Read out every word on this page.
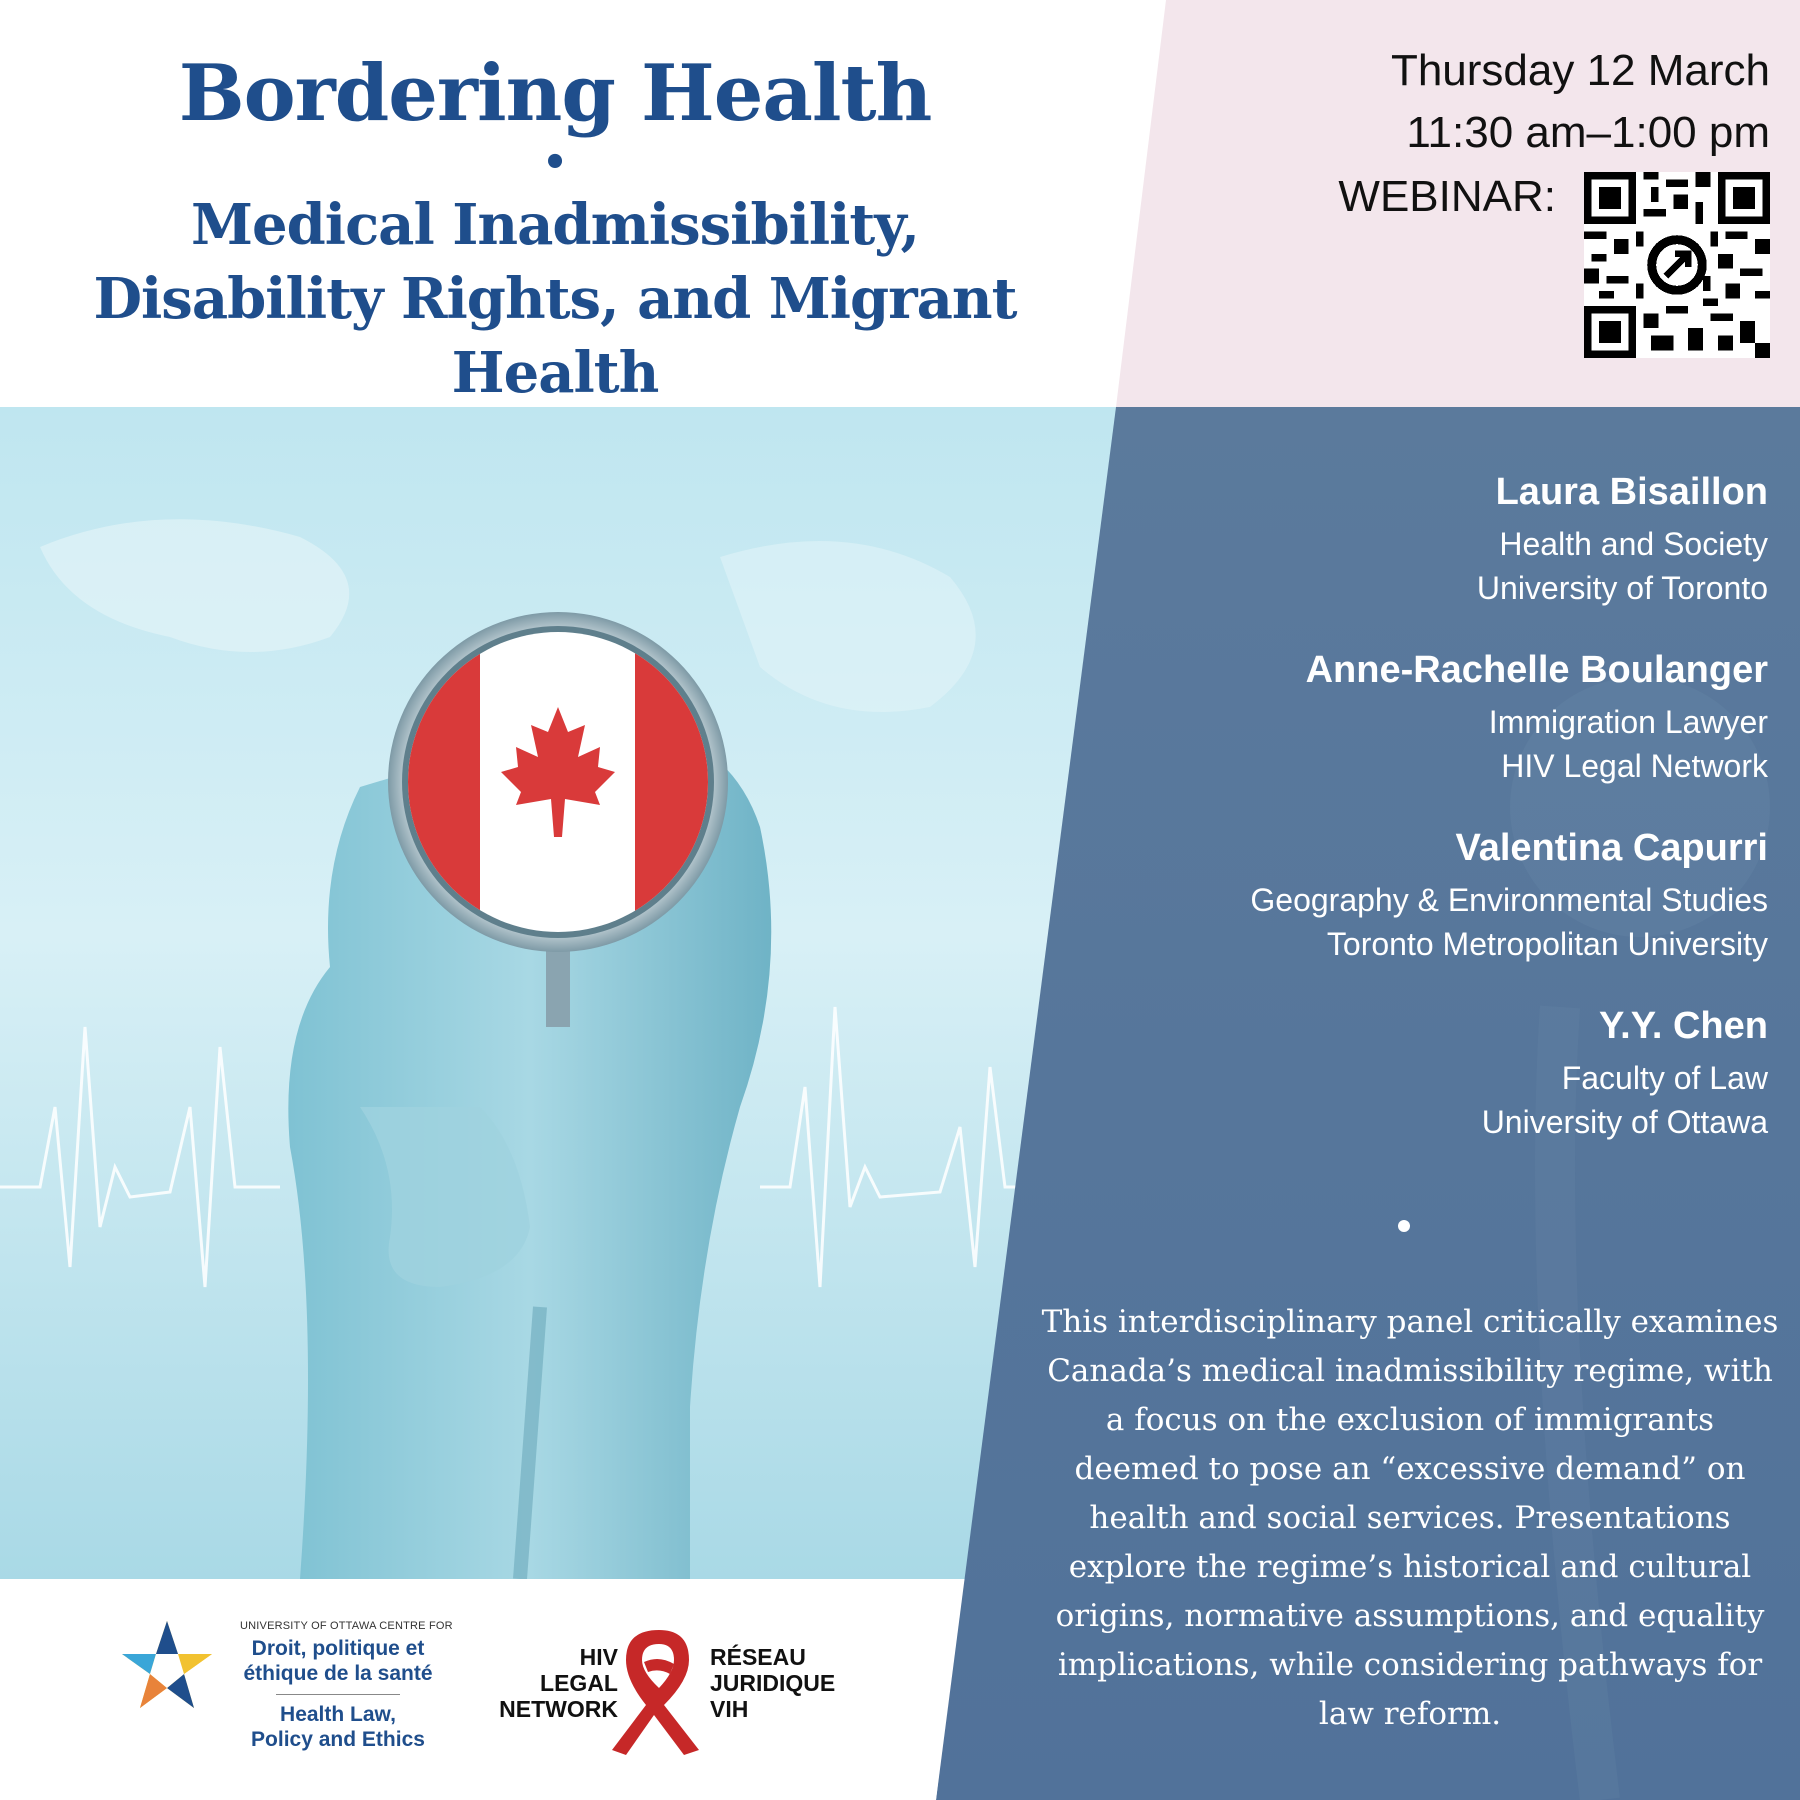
Bordering Health
•
Medical Inadmissibility,
Disability Rights, and Migrant Health
Thursday 12 March
11:30 am–1:00 pm
WEBINAR:
Laura Bisaillon
Health and Society
University of Toronto
Anne-Rachelle Boulanger
Immigration Lawyer
HIV Legal Network
Valentina Capurri
Geography & Environmental Studies
Toronto Metropolitan University
Y.Y. Chen
Faculty of Law
University of Ottawa
This interdisciplinary panel critically examines Canada’s medical inadmissibility regime, with a focus on the exclusion of immigrants deemed to pose an “excessive demand” on health and social services. Presentations explore the regime’s historical and cultural origins, normative assumptions, and equality implications, while considering pathways for law reform.
UNIVERSITY OF OTTAWA CENTRE FOR
Droit, politique et
éthique de la santé
Health Law,
Policy and Ethics
HIV
LEGAL
NETWORK
RÉSEAU
JURIDIQUE
VIH
